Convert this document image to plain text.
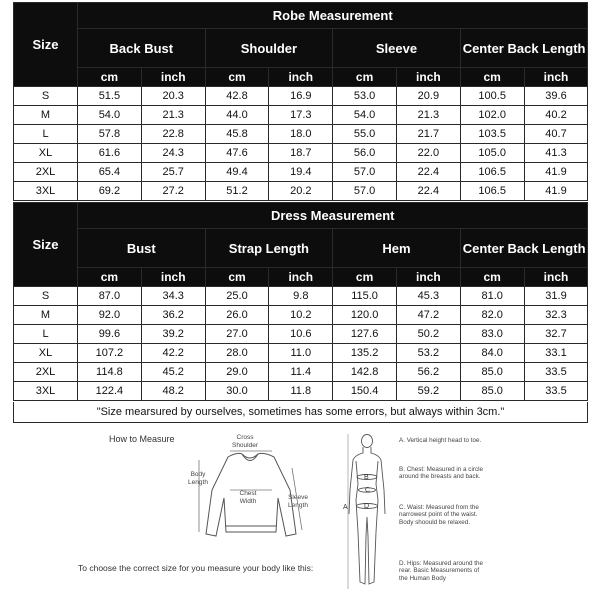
Size	Robe Measurement							
	Back Bust		Shoulder		Sleeve		Center Back Length	
	cm	inch	cm	inch	cm	inch	cm	inch
S	51.5	20.3	42.8	16.9	53.0	20.9	100.5	39.6
M	54.0	21.3	44.0	17.3	54.0	21.3	102.0	40.2
L	57.8	22.8	45.8	18.0	55.0	21.7	103.5	40.7
XL	61.6	24.3	47.6	18.7	56.0	22.0	105.0	41.3
2XL	65.4	25.7	49.4	19.4	57.0	22.4	106.5	41.9
3XL	69.2	27.2	51.2	20.2	57.0	22.4	106.5	41.9
Size	Dress Measurement							
	Bust		Strap Length		Hem		Center Back Length	
	cm	inch	cm	inch	cm	inch	cm	inch
S	87.0	34.3	25.0	9.8	115.0	45.3	81.0	31.9
M	92.0	36.2	26.0	10.2	120.0	47.2	82.0	32.3
L	99.6	39.2	27.0	10.6	127.6	50.2	83.0	32.7
XL	107.2	42.2	28.0	11.0	135.2	53.2	84.0	33.1
2XL	114.8	45.2	29.0	11.4	142.8	56.2	85.0	33.5
3XL	122.4	48.2	30.0	11.8	150.4	59.2	85.0	33.5
"Size mearsured by ourselves, sometimes has some errors, but always within 3cm."
How to Measure	Cross Shoulder
Body Length
Chest Width	Sleeve Length
To choose the correct size for you measure your body like this:
A
B
C
D
A. Vertical height head to toe.
B. Chest: Measured in a circle around the breasts and back.
C. Waist: Measured from the narrowest point of the waist. Body shoould be relaxed.
D. Hips: Measured around the rear. Basic Measurements of the Human Body
